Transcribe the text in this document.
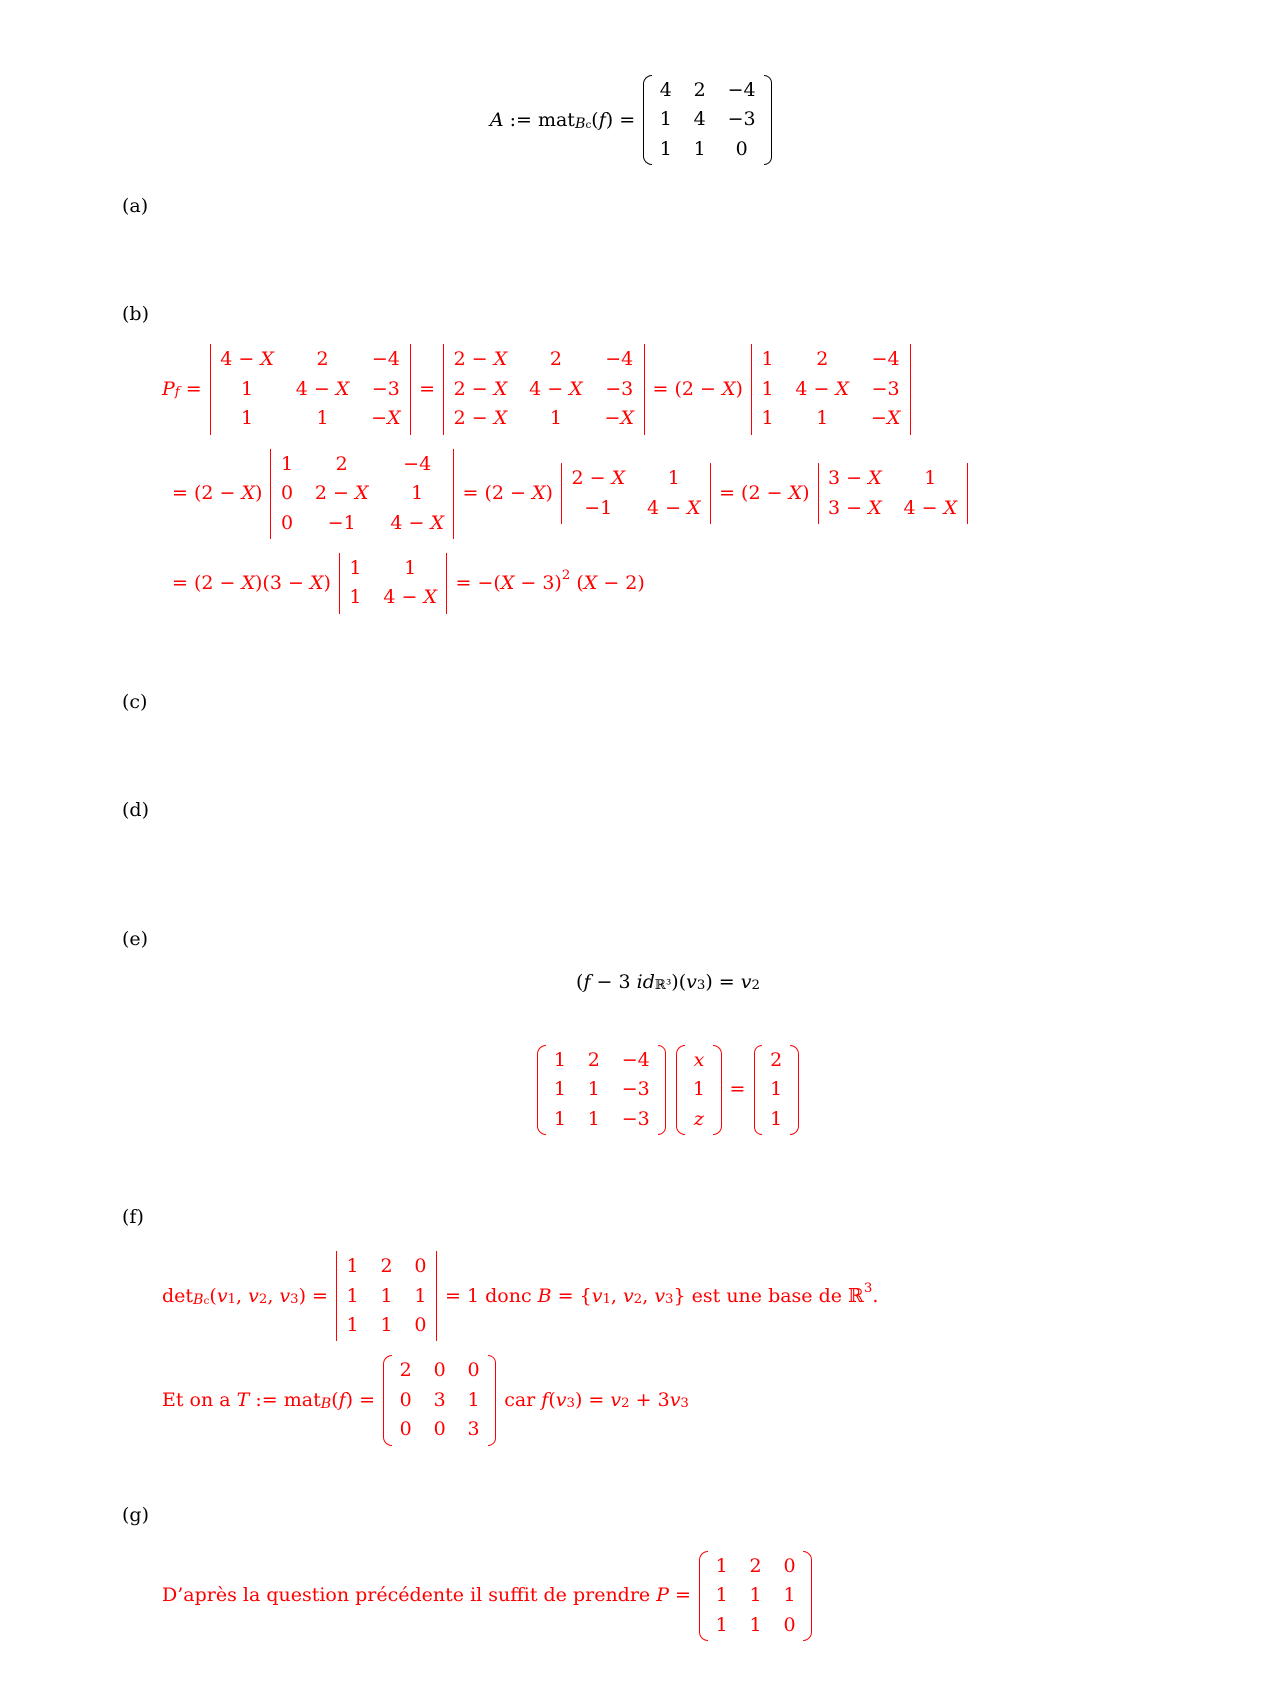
A := mat B c ( f ) =
4 2 −4
1 4 −3
1 1 0
(a)

(b)

P f =
4 − X 2 −4
1 4 − X −3
1	1 −X
=
2 − X 2 −4
2 − X 4 − X −3
2 − X 1 −X
= (2 − X)
1 2 −4
1 4 − X −3
1 1 −X
= (2 − X)
1 2	−4
0 2 − X 1
0 −1 4 − X
= (2 − X)
2 − X 1
−1 4 − X
= (2 − X)
3 − X 1
3 − X 4 − X
= (2 − X)(3 − X)
1 1
1 4 − X
= −(X − 3) 2 (X − 2)

(c)

(d)

(e)

( f − 3 id ℝ³ )( v 3 ) = v 2

1 2 −4
1 1 −3
1 1 −3

x
1
z
=
2
1
1

(f)

det B c ( v 1 , v 2 , v 3 ) =
1 2 0
1 1 1
1 1 0
= 1 donc B = { v 1 , v 2 , v 3 } est une base de ℝ 3 .
Et on a T := mat B ( f ) =
2 0 0
0 3 1
0 0 3
car f ( v 3 ) = v 2 + 3 v 3
(g)

D’après la question précédente il suffit de prendre P =
1 2 0
1 1 1
1 1 0
